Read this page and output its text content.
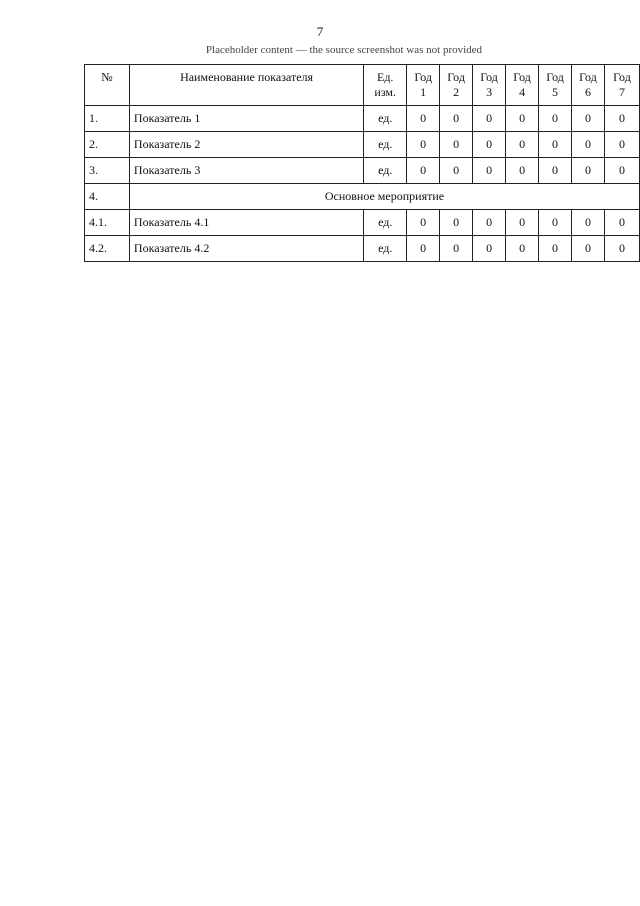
7
Placeholder content — the source screenshot was not provided
№	Наименование показателя	Ед. изм.	Год 1	Год 2	Год 3	Год 4	Год 5	Год 6	Год 7
1.	Показатель 1	ед.	0	0	0	0	0	0	0
2.	Показатель 2	ед.	0	0	0	0	0	0	0
3.	Показатель 3	ед.	0	0	0	0	0	0	0
4.	Основное мероприятие								
4.1.	Показатель 4.1	ед.	0	0	0	0	0	0	0
4.2.	Показатель 4.2	ед.	0	0	0	0	0	0	0
